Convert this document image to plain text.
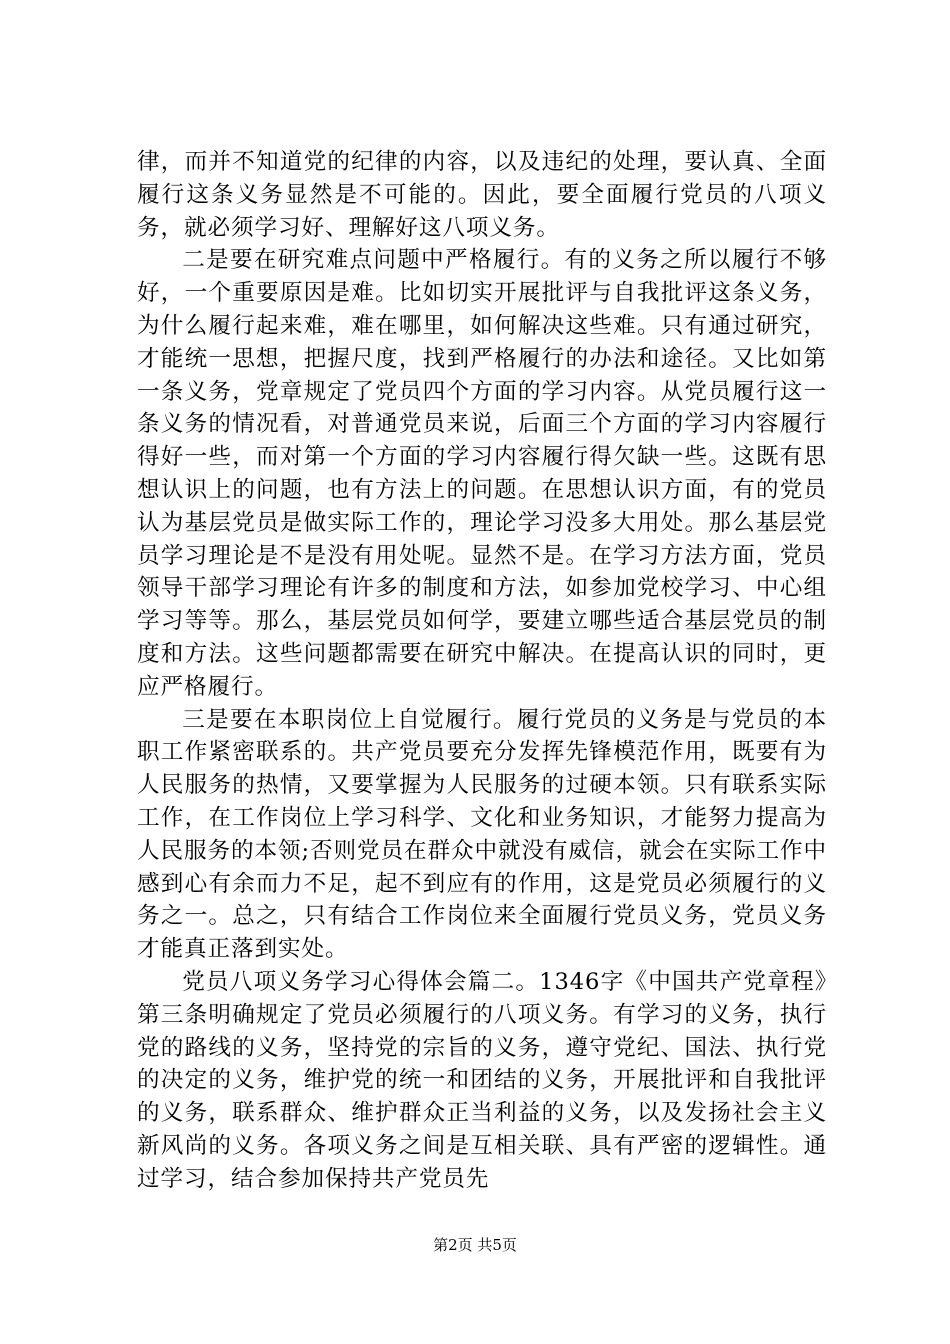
律，而并不知道党的纪律的内容，以及违纪的处理，要认真、全面履行这条义务显然是不可能的。因此，要全面履行党员的八项义务，就必须学习好、理解好这八项义务。

二是要在研究难点问题中严格履行。有的义务之所以履行不够好，一个重要原因是难。比如切实开展批评与自我批评这条义务，为什么履行起来难，难在哪里，如何解决这些难。只有通过研究，才能统一思想，把握尺度，找到严格履行的办法和途径。又比如第一条义务，党章规定了党员四个方面的学习内容。从党员履行这一条义务的情况看，对普通党员来说，后面三个方面的学习内容履行得好一些，而对第一个方面的学习内容履行得欠缺一些。这既有思想认识上的问题，也有方法上的问题。在思想认识方面，有的党员认为基层党员是做实际工作的，理论学习没多大用处。那么基层党员学习理论是不是没有用处呢。显然不是。在学习方法方面，党员领导干部学习理论有许多的制度和方法，如参加党校学习、中心组学习等等。那么，基层党员如何学，要建立哪些适合基层党员的制度和方法。这些问题都需要在研究中解决。在提高认识的同时，更应严格履行。

三是要在本职岗位上自觉履行。履行党员的义务是与党员的本职工作紧密联系的。共产党员要充分发挥先锋模范作用，既要有为人民服务的热情，又要掌握为人民服务的过硬本领。只有联系实际工作，在工作岗位上学习科学、文化和业务知识，才能努力提高为人民服务的本领;否则党员在群众中就没有威信，就会在实际工作中感到心有余而力不足，起不到应有的作用，这是党员必须履行的义务之一。总之，只有结合工作岗位来全面履行党员义务，党员义务才能真正落到实处。

党员八项义务学习心得体会篇二。1346字《中国共产党章程》第三条明确规定了党员必须履行的八项义务。有学习的义务，执行党的路线的义务，坚持党的宗旨的义务，遵守党纪、国法、执行党的决定的义务，维护党的统一和团结的义务，开展批评和自我批评的义务，联系群众、维护群众正当利益的义务，以及发扬社会主义新风尚的义务。各项义务之间是互相关联、具有严密的逻辑性。通过学习，结合参加保持共产党员先

第2页 共5页
